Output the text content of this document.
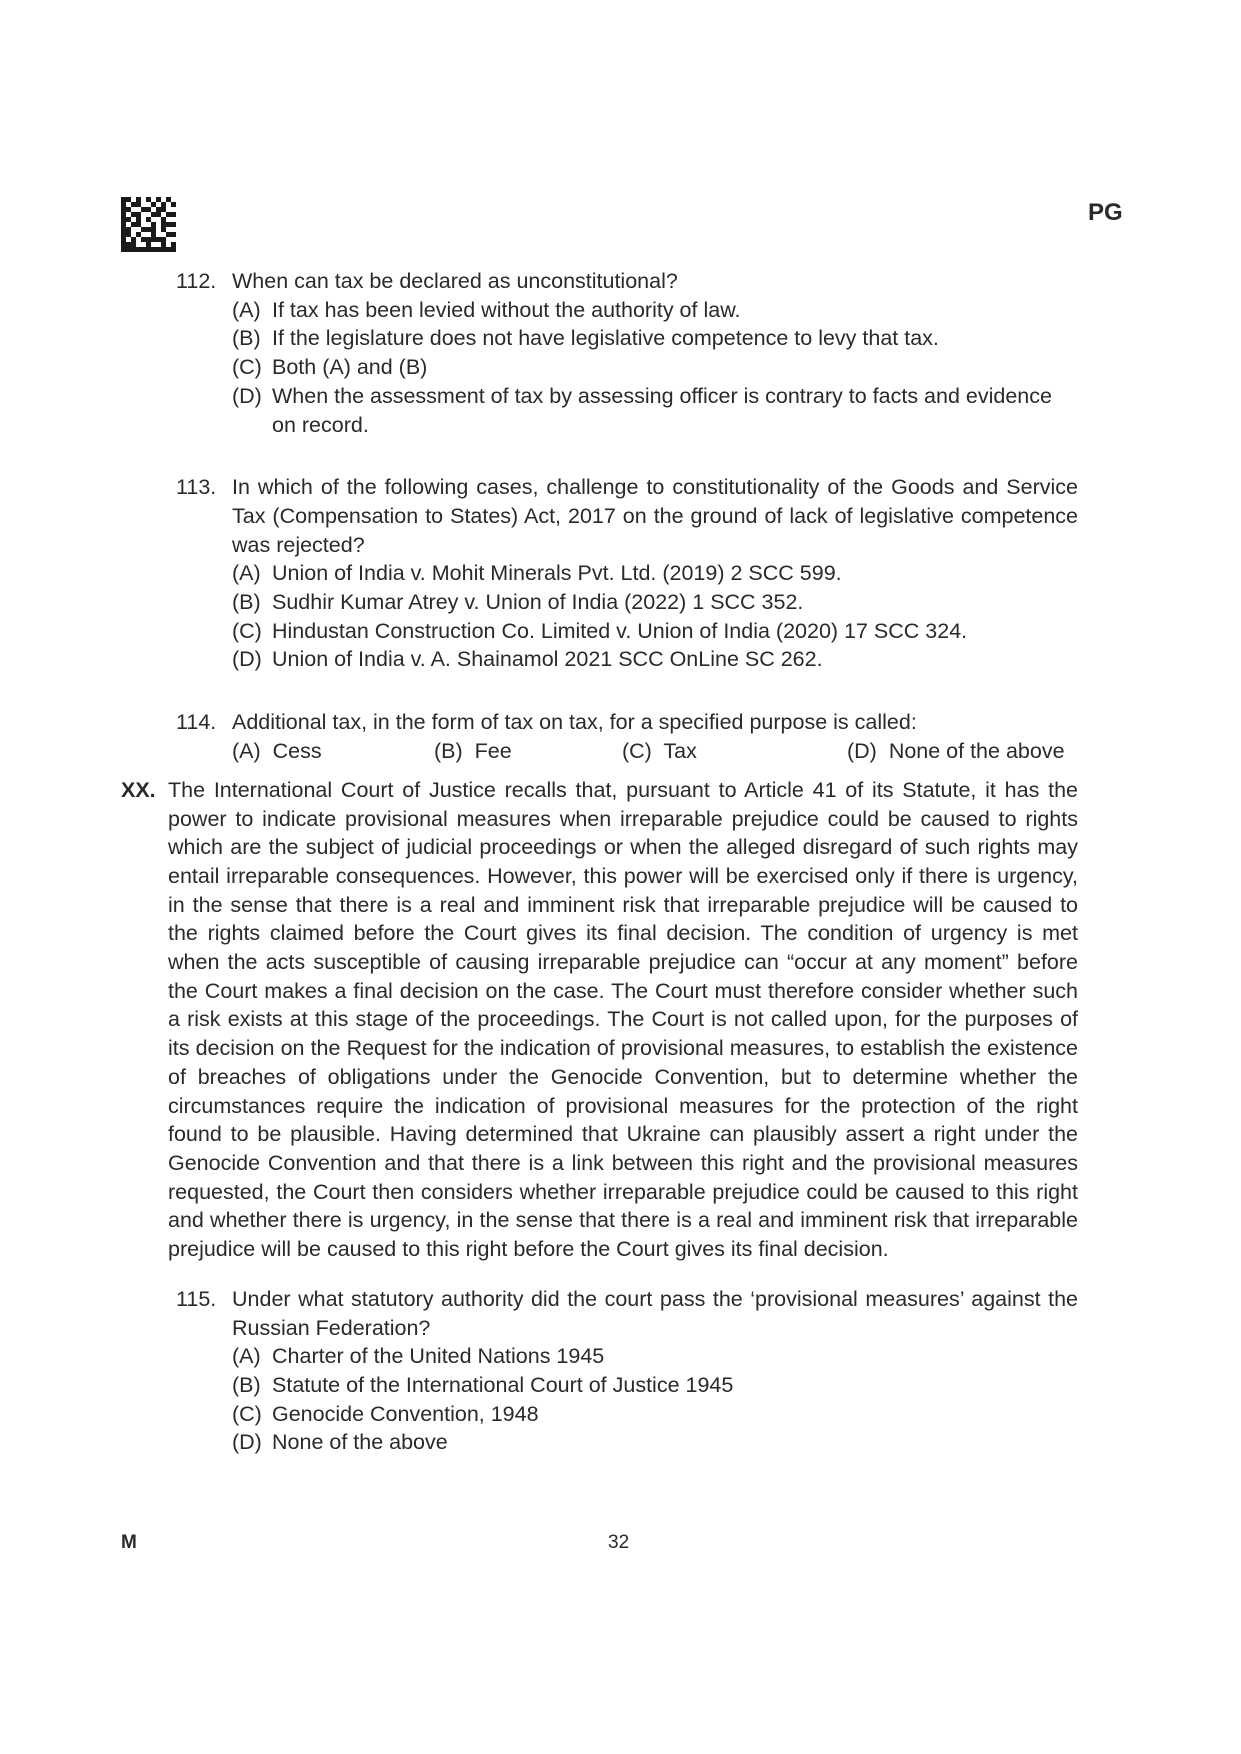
PG
112. When can tax be declared as unconstitutional?
(A) If tax has been levied without the authority of law.
(B) If the legislature does not have legislative competence to levy that tax.
(C) Both (A) and (B)
(D) When the assessment of tax by assessing officer is contrary to facts and evidence on record.
113. In which of the following cases, challenge to constitutionality of the Goods and Service Tax (Compensation to States) Act, 2017 on the ground of lack of legislative competence was rejected?
(A) Union of India v. Mohit Minerals Pvt. Ltd. (2019) 2 SCC 599.
(B) Sudhir Kumar Atrey v. Union of India (2022) 1 SCC 352.
(C) Hindustan Construction Co. Limited v. Union of India (2020) 17 SCC 324.
(D) Union of India v. A. Shainamol 2021 SCC OnLine SC 262.
114. Additional tax, in the form of tax on tax, for a specified purpose is called:
(A) Cess	(B) Fee	(C) Tax	(D) None of the above
XX. The International Court of Justice recalls that, pursuant to Article 41 of its Statute, it has the power to indicate provisional measures when irreparable prejudice could be caused to rights which are the subject of judicial proceedings or when the alleged disregard of such rights may entail irreparable consequences. However, this power will be exercised only if there is urgency, in the sense that there is a real and imminent risk that irreparable prejudice will be caused to the rights claimed before the Court gives its final decision. The condition of urgency is met when the acts susceptible of causing irreparable prejudice can “occur at any moment” before the Court makes a final decision on the case. The Court must therefore consider whether such a risk exists at this stage of the proceedings. The Court is not called upon, for the purposes of its decision on the Request for the indication of provisional measures, to establish the existence of breaches of obligations under the Genocide Convention, but to determine whether the circumstances require the indication of provisional measures for the protection of the right found to be plausible. Having determined that Ukraine can plausibly assert a right under the Genocide Convention and that there is a link between this right and the provisional measures requested, the Court then considers whether irreparable prejudice could be caused to this right and whether there is urgency, in the sense that there is a real and imminent risk that irreparable prejudice will be caused to this right before the Court gives its final decision.
115. Under what statutory authority did the court pass the ‘provisional measures’ against the Russian Federation?
(A) Charter of the United Nations 1945
(B) Statute of the International Court of Justice 1945
(C) Genocide Convention, 1948
(D) None of the above
M	32
